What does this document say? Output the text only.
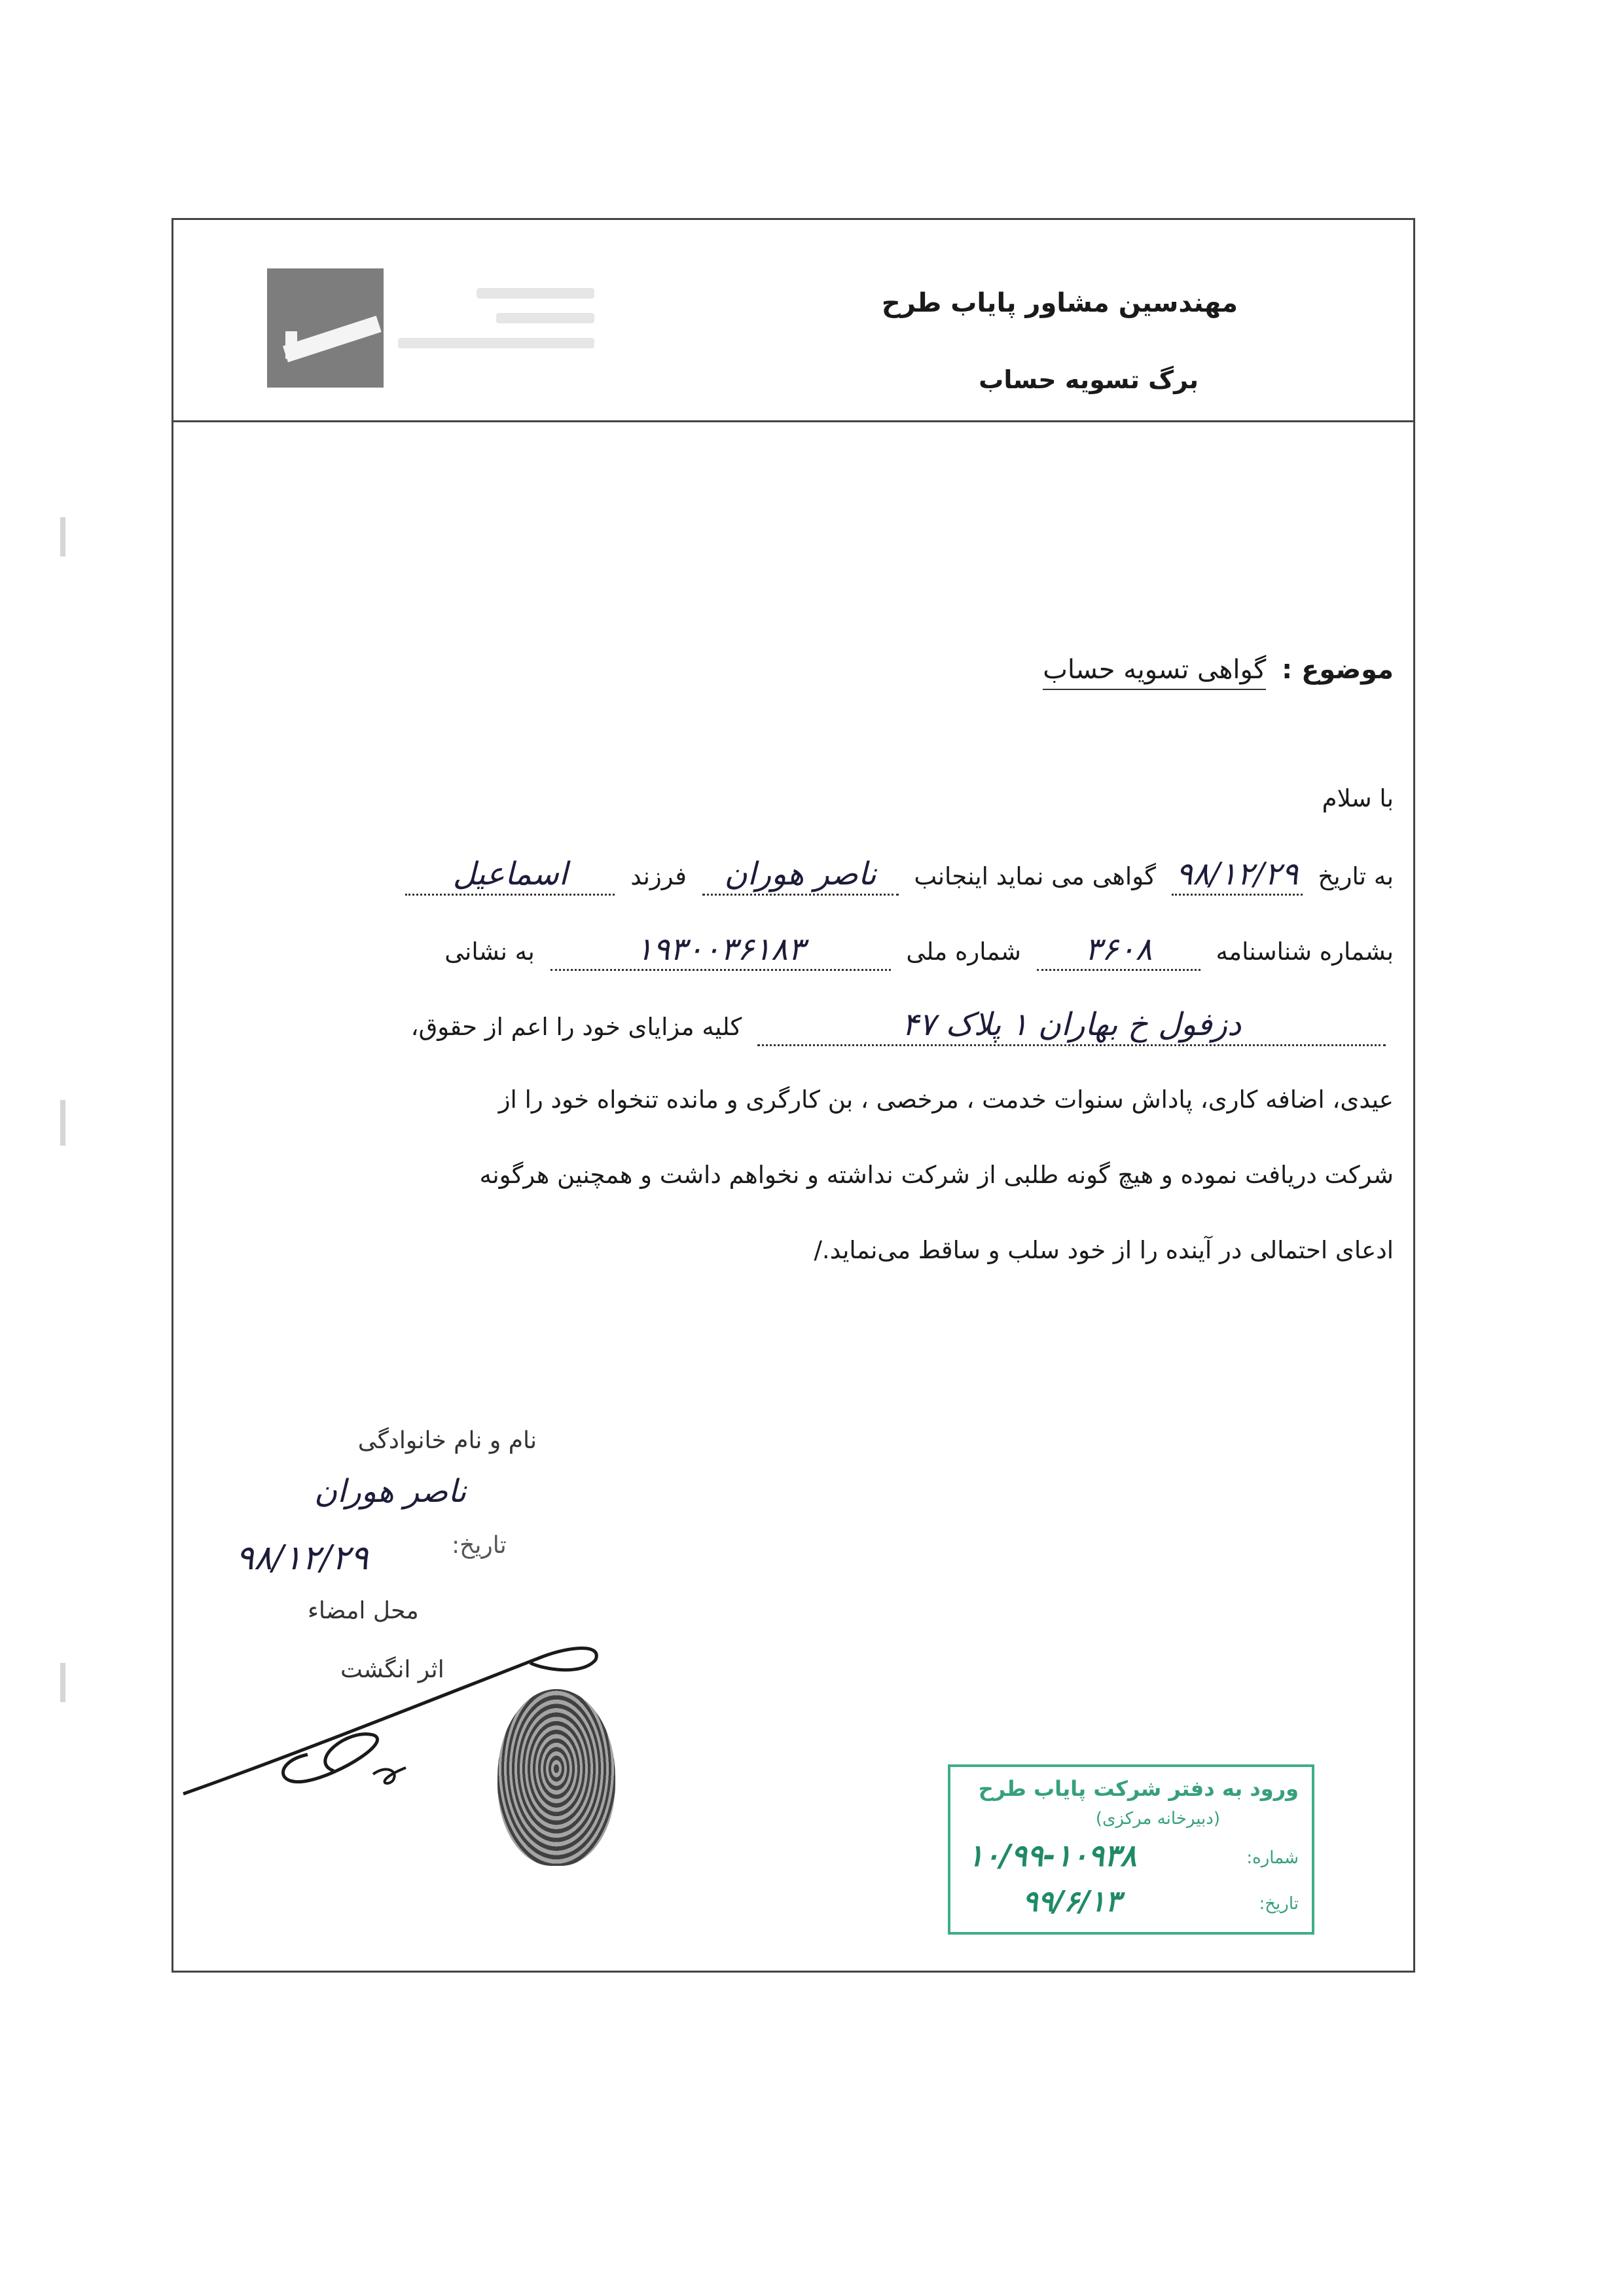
مهندسین مشاور پایاب طرح
برگ تسویه حساب
موضوع : گواهی تسویه حساب
با سلام
به تاریخ ۹۸/۱۲/۲۹ گواهی می نماید اینجانب ناصر هوران فرزند اسماعیل
بشماره شناسنامه ۳۶۰۸ شماره ملی ۱۹۳۰۰۳۶۱۸۳ به نشانی
دزفول خ بهاران ۱ پلاک ۴۷ کلیه مزایای خود را اعم از حقوق،
عیدی، اضافه کاری، پاداش سنوات خدمت ، مرخصی ، بن کارگری و مانده تنخواه خود را از
شرکت دریافت نموده و هیچ گونه طلبی از شرکت نداشته و نخواهم داشت و همچنین هرگونه
ادعای احتمالی در آینده را از خود سلب و ساقط می‌نماید./
نام و نام خانوادگی
ناصر هوران
تاریخ:
۹۸/۱۲/۲۹
محل امضاء
اثر انگشت
ورود به دفتر شرکت پایاب طرح
(دبیرخانه مرکزی)
شماره:
تاریخ:
۱۰/۹۹-۱۰۹۳۸
۹۹/۶/۱۳
